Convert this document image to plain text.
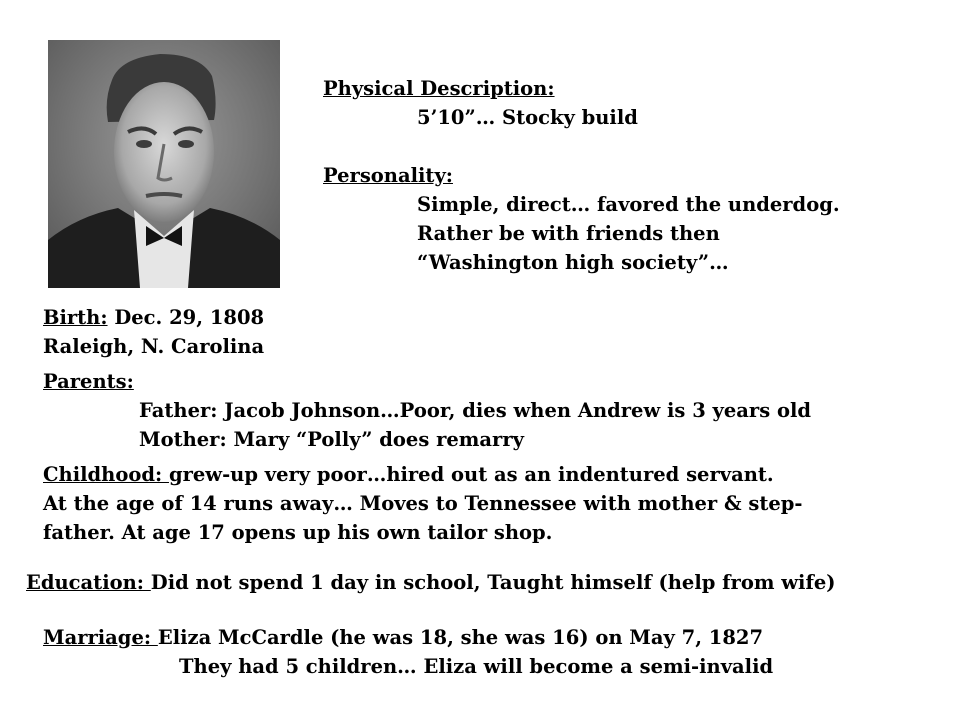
Physical Description:
5’10”… Stocky build
Personality:
Simple, direct… favored the underdog.
Rather be with friends then
“Washington high society”…
Birth: Dec. 29, 1808
Raleigh, N. Carolina
Parents:
Father: Jacob Johnson…Poor, dies when Andrew is 3 years old
Mother: Mary “Polly” does remarry
Childhood: grew-up very poor…hired out as an indentured servant.
At the age of 14 runs away… Moves to Tennessee with mother & step-
father. At age 17 opens up his own tailor shop.
Education: Did not spend 1 day in school, Taught himself (help from wife)
Marriage: Eliza McCardle (he was 18, she was 16) on May 7, 1827
They had 5 children… Eliza will become a semi-invalid
